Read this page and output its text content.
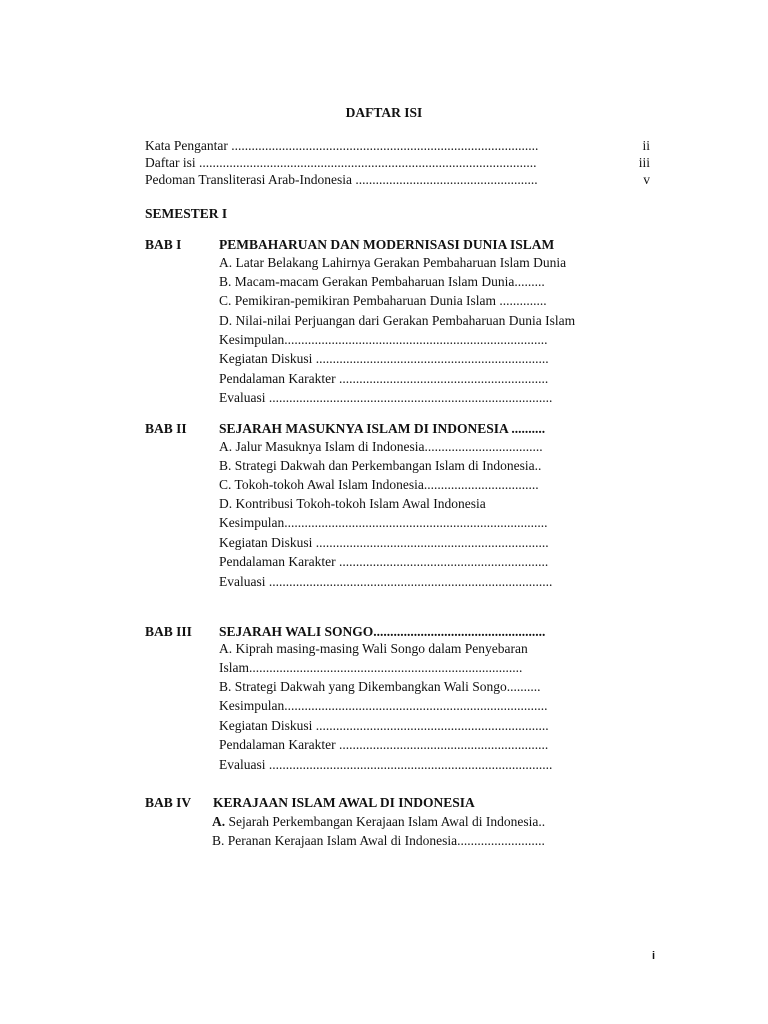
DAFTAR ISI
Kata Pengantar ...........................................................................................	ii
Daftar isi ....................................................................................................	iii
Pedoman Transliterasi Arab-Indonesia ......................................................	v
SEMESTER I
BAB I	PEMBAHARUAN DAN MODERNISASI DUNIA ISLAM
A. Latar Belakang Lahirnya Gerakan Pembaharuan Islam Dunia
B. Macam-macam Gerakan Pembaharuan Islam Dunia.........
C. Pemikiran-pemikiran Pembaharuan Dunia Islam ..............
D. Nilai-nilai Perjuangan dari Gerakan Pembaharuan Dunia Islam
Kesimpulan..............................................................................
Kegiatan Diskusi .....................................................................
Pendalaman Karakter ..............................................................
Evaluasi ....................................................................................
BAB II SEJARAH MASUKNYA ISLAM DI INDONESIA ..........
A. Jalur Masuknya Islam di Indonesia...................................
B. Strategi Dakwah dan Perkembangan Islam di Indonesia..
C. Tokoh-tokoh Awal Islam Indonesia..................................
D. Kontribusi Tokoh-tokoh Islam Awal Indonesia
Kesimpulan..............................................................................
Kegiatan Diskusi .....................................................................
Pendalaman Karakter ..............................................................
Evaluasi ....................................................................................
BAB III SEJARAH WALI SONGO...................................................
A. Kiprah masing-masing Wali Songo dalam Penyebaran
Islam.................................................................................
B. Strategi Dakwah yang Dikembangkan Wali Songo..........
Kesimpulan..............................................................................
Kegiatan Diskusi .....................................................................
Pendalaman Karakter ..............................................................
Evaluasi ....................................................................................
BAB IV KERAJAAN ISLAM AWAL DI INDONESIA
A. Sejarah Perkembangan Kerajaan Islam Awal di Indonesia..
B. Peranan Kerajaan Islam Awal di Indonesia..........................
i
